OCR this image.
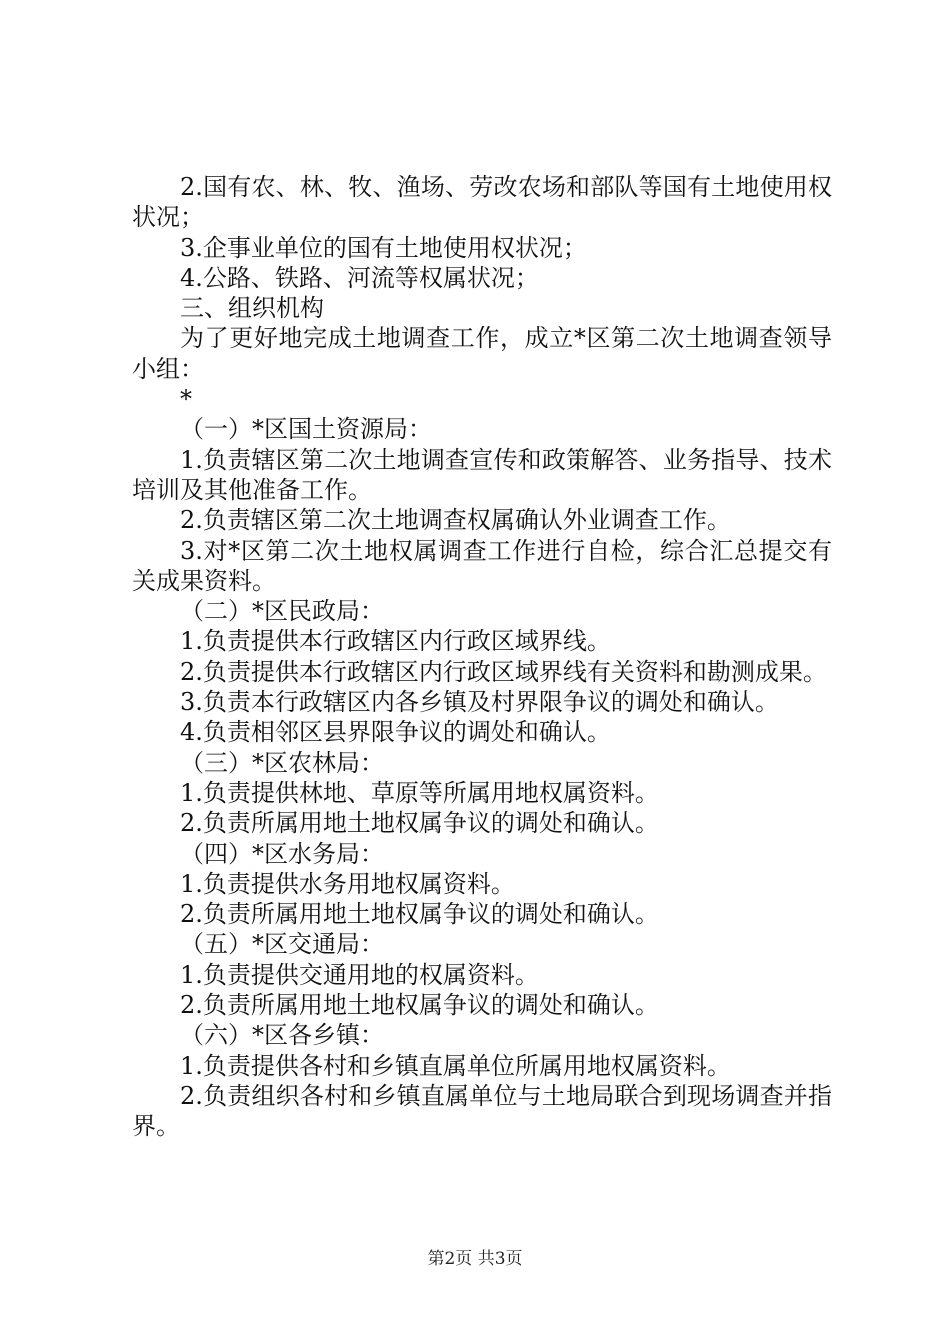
2.国有农、林、牧、渔场、劳改农场和部队等国有土地使用权状况；

3.企事业单位的国有土地使用权状况；

4.公路、铁路、河流等权属状况；

三、组织机构

为了更好地完成土地调查工作，成立*区第二次土地调查领导小组：

*

（一）*区国土资源局：

1.负责辖区第二次土地调查宣传和政策解答、业务指导、技术培训及其他准备工作。

2.负责辖区第二次土地调查权属确认外业调查工作。

3.对*区第二次土地权属调查工作进行自检，综合汇总提交有关成果资料。

（二）*区民政局：

1.负责提供本行政辖区内行政区域界线。

2.负责提供本行政辖区内行政区域界线有关资料和勘测成果。

3.负责本行政辖区内各乡镇及村界限争议的调处和确认。

4.负责相邻区县界限争议的调处和确认。

（三）*区农林局：

1.负责提供林地、草原等所属用地权属资料。

2.负责所属用地土地权属争议的调处和确认。

（四）*区水务局：

1.负责提供水务用地权属资料。

2.负责所属用地土地权属争议的调处和确认。

（五）*区交通局：

1.负责提供交通用地的权属资料。

2.负责所属用地土地权属争议的调处和确认。

（六）*区各乡镇：

1.负责提供各村和乡镇直属单位所属用地权属资料。

2.负责组织各村和乡镇直属单位与土地局联合到现场调查并指界。

第2页 共3页
